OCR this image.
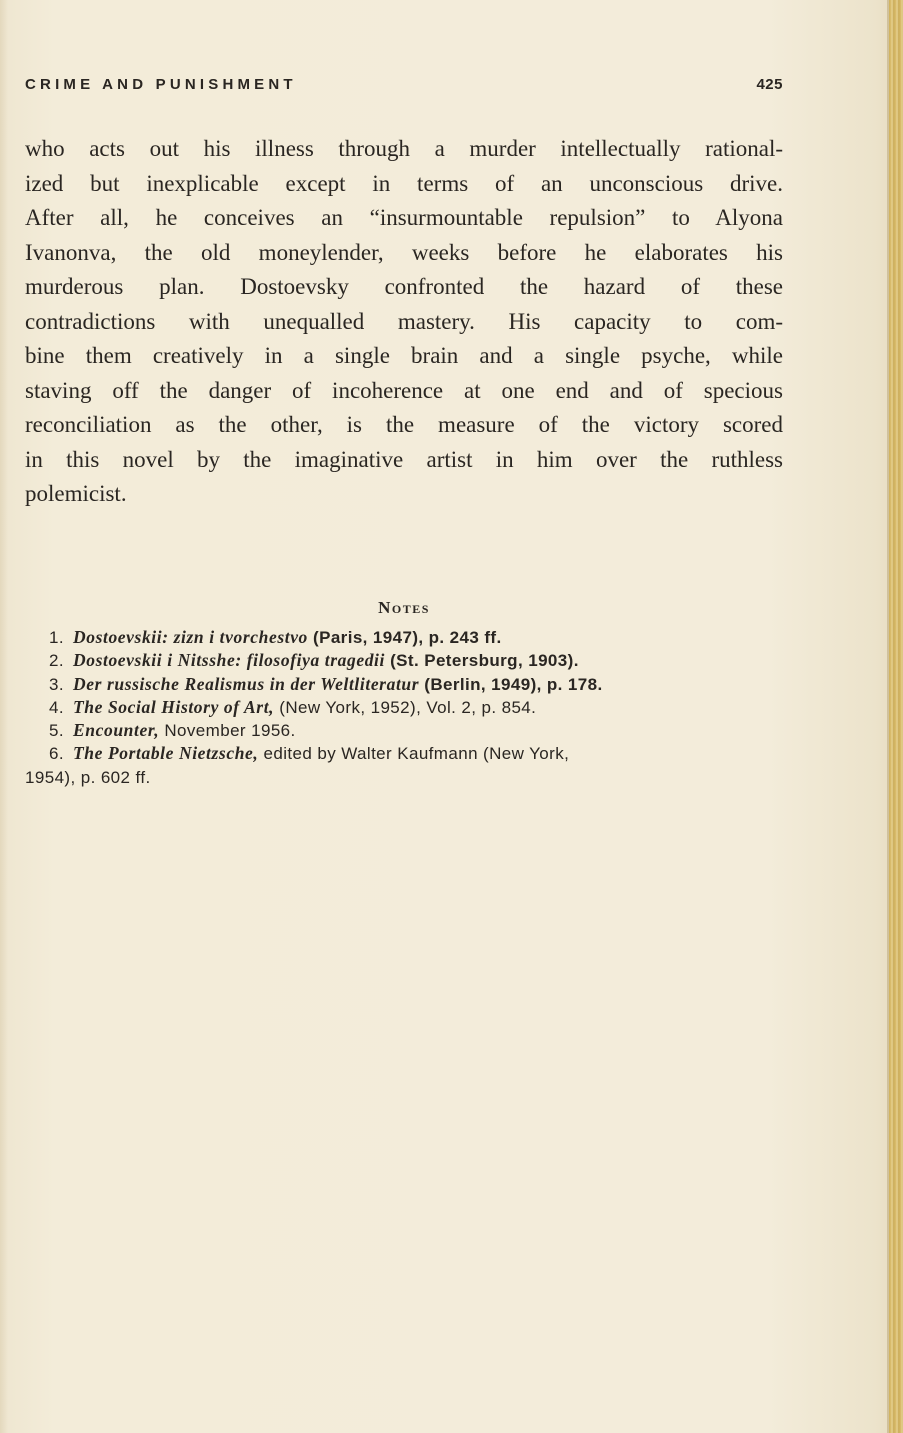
CRIME AND PUNISHMENT	425
who acts out his illness through a murder intellectually rational-
ized but inexplicable except in terms of an unconscious drive.
After all, he conceives an “insurmountable repulsion” to Alyona
Ivanonva, the old moneylender, weeks before he elaborates his
murderous plan. Dostoevsky confronted the hazard of these
contradictions with unequalled mastery. His capacity to com-
bine them creatively in a single brain and a single psyche, while
staving off the danger of incoherence at one end and of specious
reconciliation as the other, is the measure of the victory scored
in this novel by the imaginative artist in him over the ruthless
polemicist.
Notes
1. Dostoevskii: zizn i tvorchestvo (Paris, 1947), p. 243 ff.
2. Dostoevskii i Nitsshe: filosofiya tragedii (St. Petersburg, 1903).
3. Der russische Realismus in der Weltliteratur (Berlin, 1949), p. 178.
4. The Social History of Art, (New York, 1952), Vol. 2, p. 854.
5. Encounter, November 1956.
6. The Portable Nietzsche, edited by Walter Kaufmann (New York,
1954), p. 602 ff.
